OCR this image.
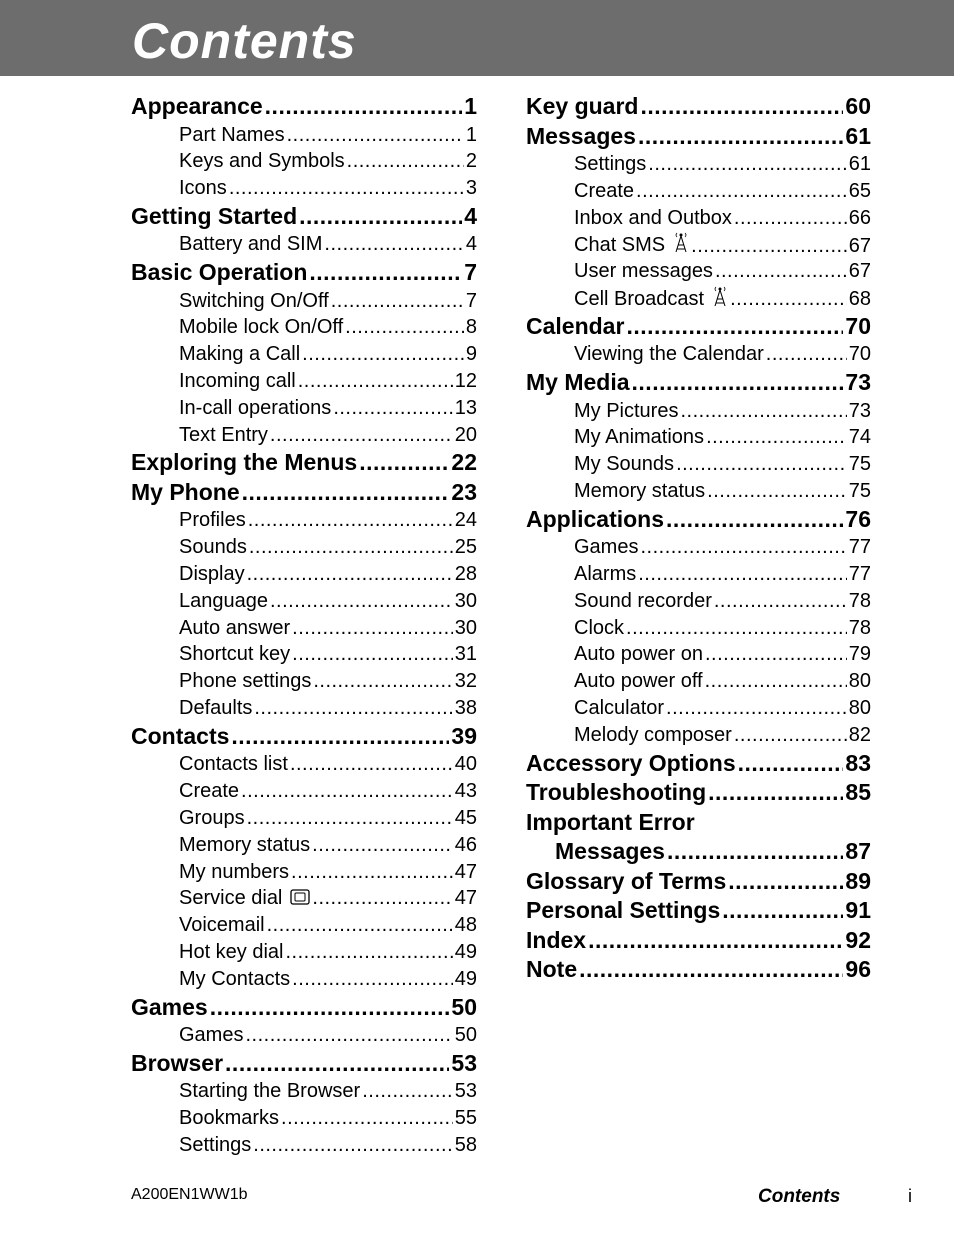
Contents
Appearance .....	1
Part Names .....	1
Keys and Symbols .....	2
Icons .....	3
Getting Started .....	4
Battery and SIM .....	4
Basic Operation .....	7
Switching On/Off .....	7
Mobile lock On/Off .....	8
Making a Call .....	9
Incoming call .....	12
In-call operations .....	13
Text Entry .....	20
Exploring the Menus .....	22
My Phone .....	23
Profiles .....	24
Sounds .....	25
Display .....	28
Language .....	30
Auto answer .....	30
Shortcut key .....	31
Phone settings .....	32
Defaults .....	38
Contacts .....	39
Contacts list .....	40
Create .....	43
Groups .....	45
Memory status .....	46
My numbers .....	47
Service dial .....	47
Voicemail .....	48
Hot key dial .....	49
My Contacts .....	49
Games .....	50
Games .....	50
Browser .....	53
Starting the Browser .....	53
Bookmarks .....	55
Settings .....	58
Key guard .....	60
Messages .....	61
Settings .....	61
Create .....	65
Inbox and Outbox .....	66
Chat SMS .....	67
User messages .....	67
Cell Broadcast .....	68
Calendar .....	70
Viewing the Calendar .....	70
My Media .....	73
My Pictures .....	73
My Animations .....	74
My Sounds .....	75
Memory status .....	75
Applications .....	76
Games .....	77
Alarms .....	77
Sound recorder .....	78
Clock .....	78
Auto power on .....	79
Auto power off .....	80
Calculator .....	80
Melody composer .....	82
Accessory Options .....	83
Troubleshooting .....	85
Important Error
Messages .....	87
Glossary of Terms .....	89
Personal Settings .....	91
Index .....	92
Note .....	96
A200EN1WW1b	Contents	i
